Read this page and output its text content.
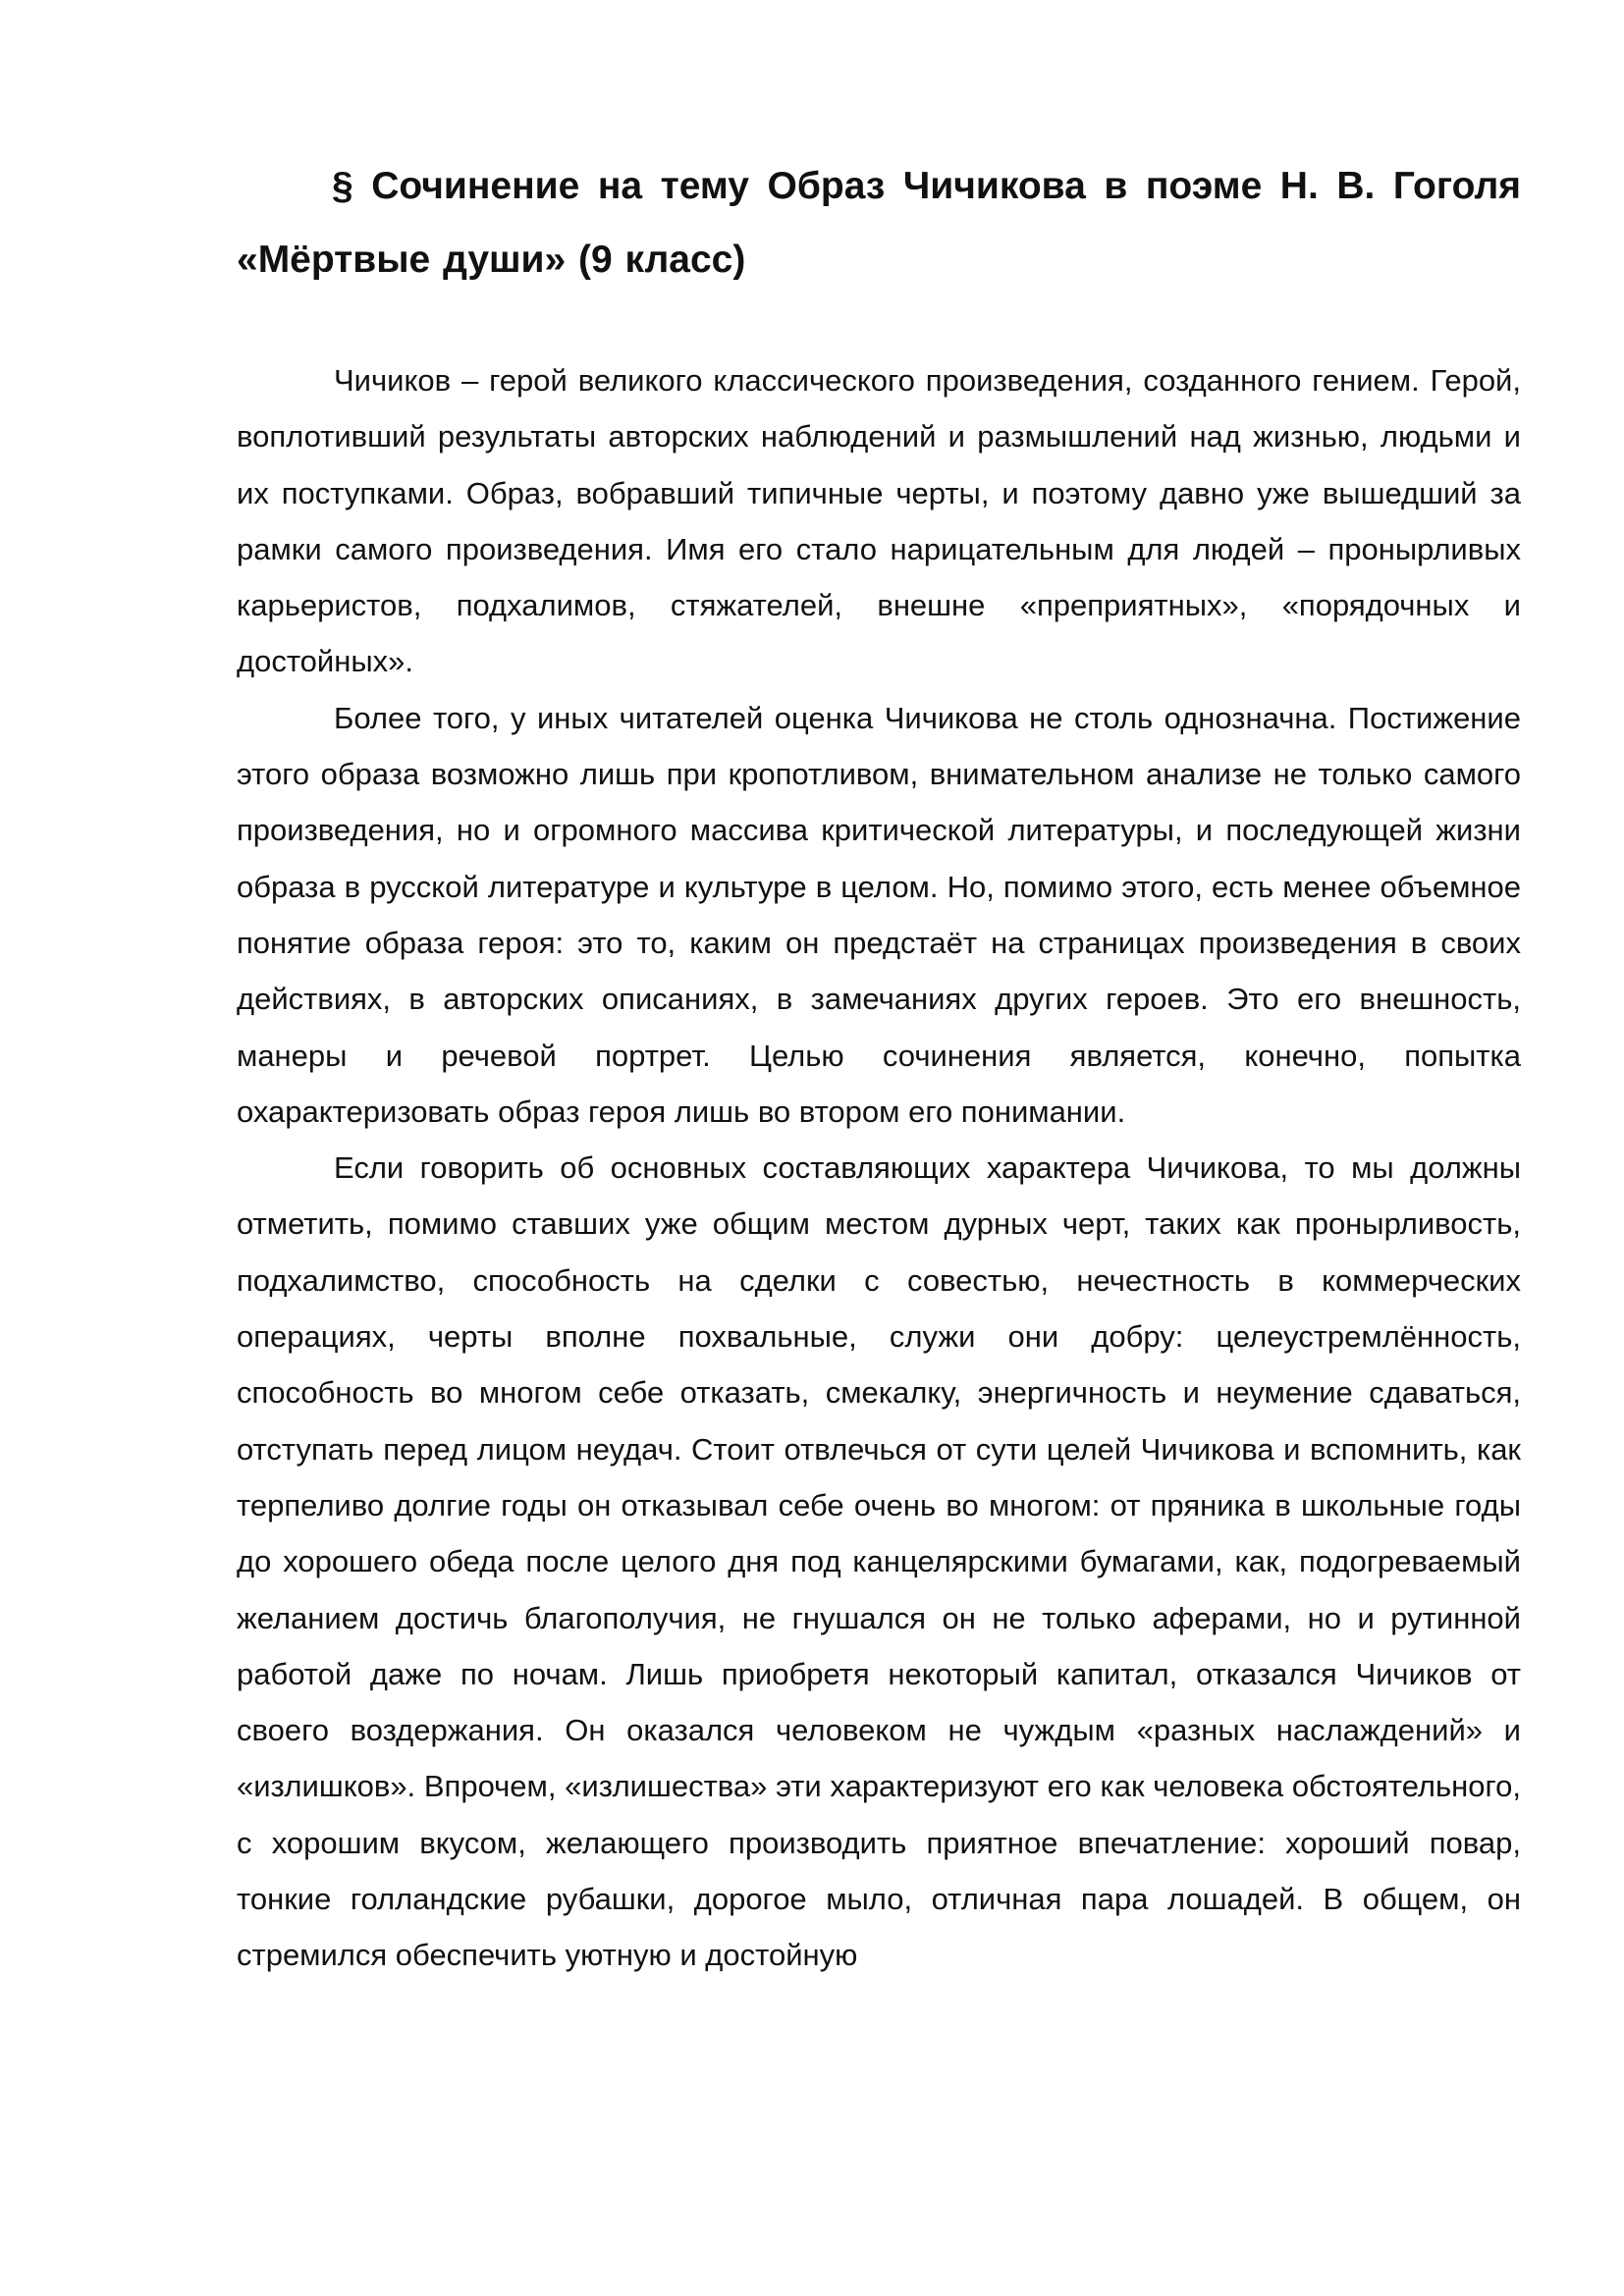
§ Сочинение на тему Образ Чичикова в поэме Н. В. Гоголя «Мёртвые души» (9 класс)

Чичиков – герой великого классического произведения, созданного гением. Герой, воплотивший результаты авторских наблюдений и размышлений над жизнью, людьми и их поступками. Образ, вобравший типичные черты, и поэтому давно уже вышедший за рамки самого произведения. Имя его стало нарицательным для людей – пронырливых карьеристов, подхалимов, стяжателей, внешне «преприятных», «порядочных и достойных».

Более того, у иных читателей оценка Чичикова не столь однозначна. Постижение этого образа возможно лишь при кропотливом, внимательном анализе не только самого произведения, но и огромного массива критической литературы, и последующей жизни образа в русской литературе и культуре в целом. Но, помимо этого, есть менее объемное понятие образа героя: это то, каким он предстаёт на страницах произведения в своих действиях, в авторских описаниях, в замечаниях других героев. Это его внешность, манеры и речевой портрет. Целью сочинения является, конечно, попытка охарактеризовать образ героя лишь во втором его понимании.

Если говорить об основных составляющих характера Чичикова, то мы должны отметить, помимо ставших уже общим местом дурных черт, таких как пронырливость, подхалимство, способность на сделки с совестью, нечестность в коммерческих операциях, черты вполне похвальные, служи они добру: целеустремлённость, способность во многом себе отказать, смекалку, энергичность и неумение сдаваться, отступать перед лицом неудач. Стоит отвлечься от сути целей Чичикова и вспомнить, как терпеливо долгие годы он отказывал себе очень во многом: от пряника в школьные годы до хорошего обеда после целого дня под канцелярскими бумагами, как, подогреваемый желанием достичь благополучия, не гнушался он не только аферами, но и рутинной работой даже по ночам. Лишь приобретя некоторый капитал, отказался Чичиков от своего воздержания. Он оказался человеком не чуждым «разных наслаждений» и «излишков». Впрочем, «излишества» эти характеризуют его как человека обстоятельного, с хорошим вкусом, желающего производить приятное впечатление: хороший повар, тонкие голландские рубашки, дорогое мыло, отличная пара лошадей. В общем, он стремился обеспечить уютную и достойную
